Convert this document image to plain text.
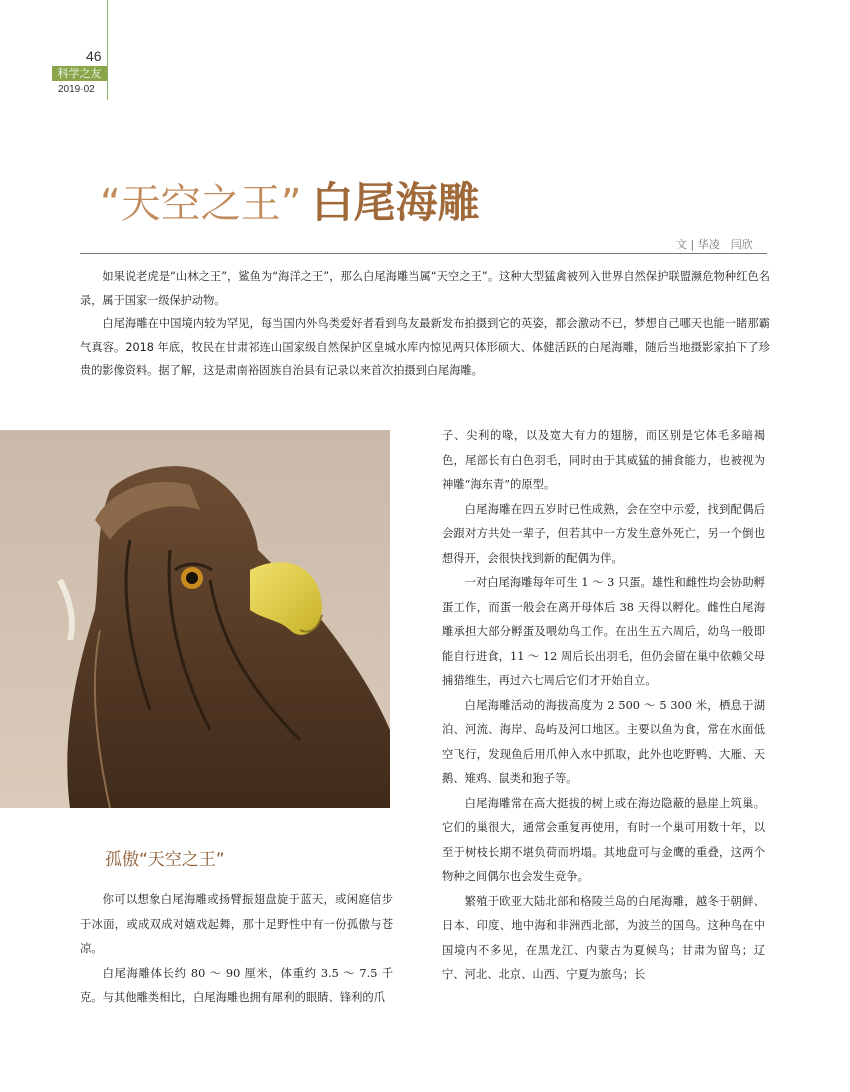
46
科学之友
2019·02
“天空之王” 白尾海雕
文 | 华凌　闫欣

如果说老虎是“山林之王”，鲨鱼为“海洋之王”，那么白尾海雕当属“天空之王”。这种大型猛禽被列入世界自然保护联盟濒危物种红色名录，属于国家一级保护动物。

白尾海雕在中国境内较为罕见，每当国内外鸟类爱好者看到鸟友最新发布拍摄到它的英姿，都会激动不已，梦想自己哪天也能一睹那霸气真容。2018 年底，牧民在甘肃祁连山国家级自然保护区皇城水库内惊见两只体形硕大、体健活跃的白尾海雕，随后当地摄影家拍下了珍贵的影像资料。据了解，这是肃南裕固族自治县有记录以来首次拍摄到白尾海雕。

孤傲“天空之王”

你可以想象白尾海雕或扬臂振翅盘旋于蓝天，或闲庭信步于冰面，或成双成对嬉戏起舞，那十足野性中有一份孤傲与苍凉。

白尾海雕体长约 80 ～ 90 厘米，体重约 3.5 ～ 7.5 千克。与其他雕类相比，白尾海雕也拥有犀利的眼睛、锋利的爪

子、尖利的喙，以及宽大有力的翅膀，而区别是它体毛多暗褐色，尾部长有白色羽毛，同时由于其威猛的捕食能力，也被视为神雕“海东青”的原型。

白尾海雕在四五岁时已性成熟，会在空中示爱，找到配偶后会跟对方共处一辈子，但若其中一方发生意外死亡，另一个倒也想得开，会很快找到新的配偶为伴。

一对白尾海雕每年可生 1 ～ 3 只蛋。雄性和雌性均会协助孵蛋工作，而蛋一般会在离开母体后 38 天得以孵化。雌性白尾海雕承担大部分孵蛋及喂幼鸟工作。在出生五六周后，幼鸟一般即能自行进食，11 ～ 12 周后长出羽毛，但仍会留在巢中依赖父母捕猎维生，再过六七周后它们才开始自立。

白尾海雕活动的海拔高度为 2 500 ～ 5 300 米，栖息于湖泊、河流、海岸、岛屿及河口地区。主要以鱼为食，常在水面低空飞行，发现鱼后用爪伸入水中抓取，此外也吃野鸭、大雁、天鹅、雉鸡、鼠类和狍子等。

白尾海雕常在高大挺拔的树上或在海边隐蔽的悬崖上筑巢。它们的巢很大，通常会重复再使用，有时一个巢可用数十年，以至于树枝长期不堪负荷而坍塌。其地盘可与金鹰的重叠，这两个物种之间偶尔也会发生竞争。

繁殖于欧亚大陆北部和格陵兰岛的白尾海雕，越冬于朝鲜、日本、印度、地中海和非洲西北部，为波兰的国鸟。这种鸟在中国境内不多见，在黑龙江、内蒙古为夏候鸟；甘肃为留鸟；辽宁、河北、北京、山西、宁夏为旅鸟；长
